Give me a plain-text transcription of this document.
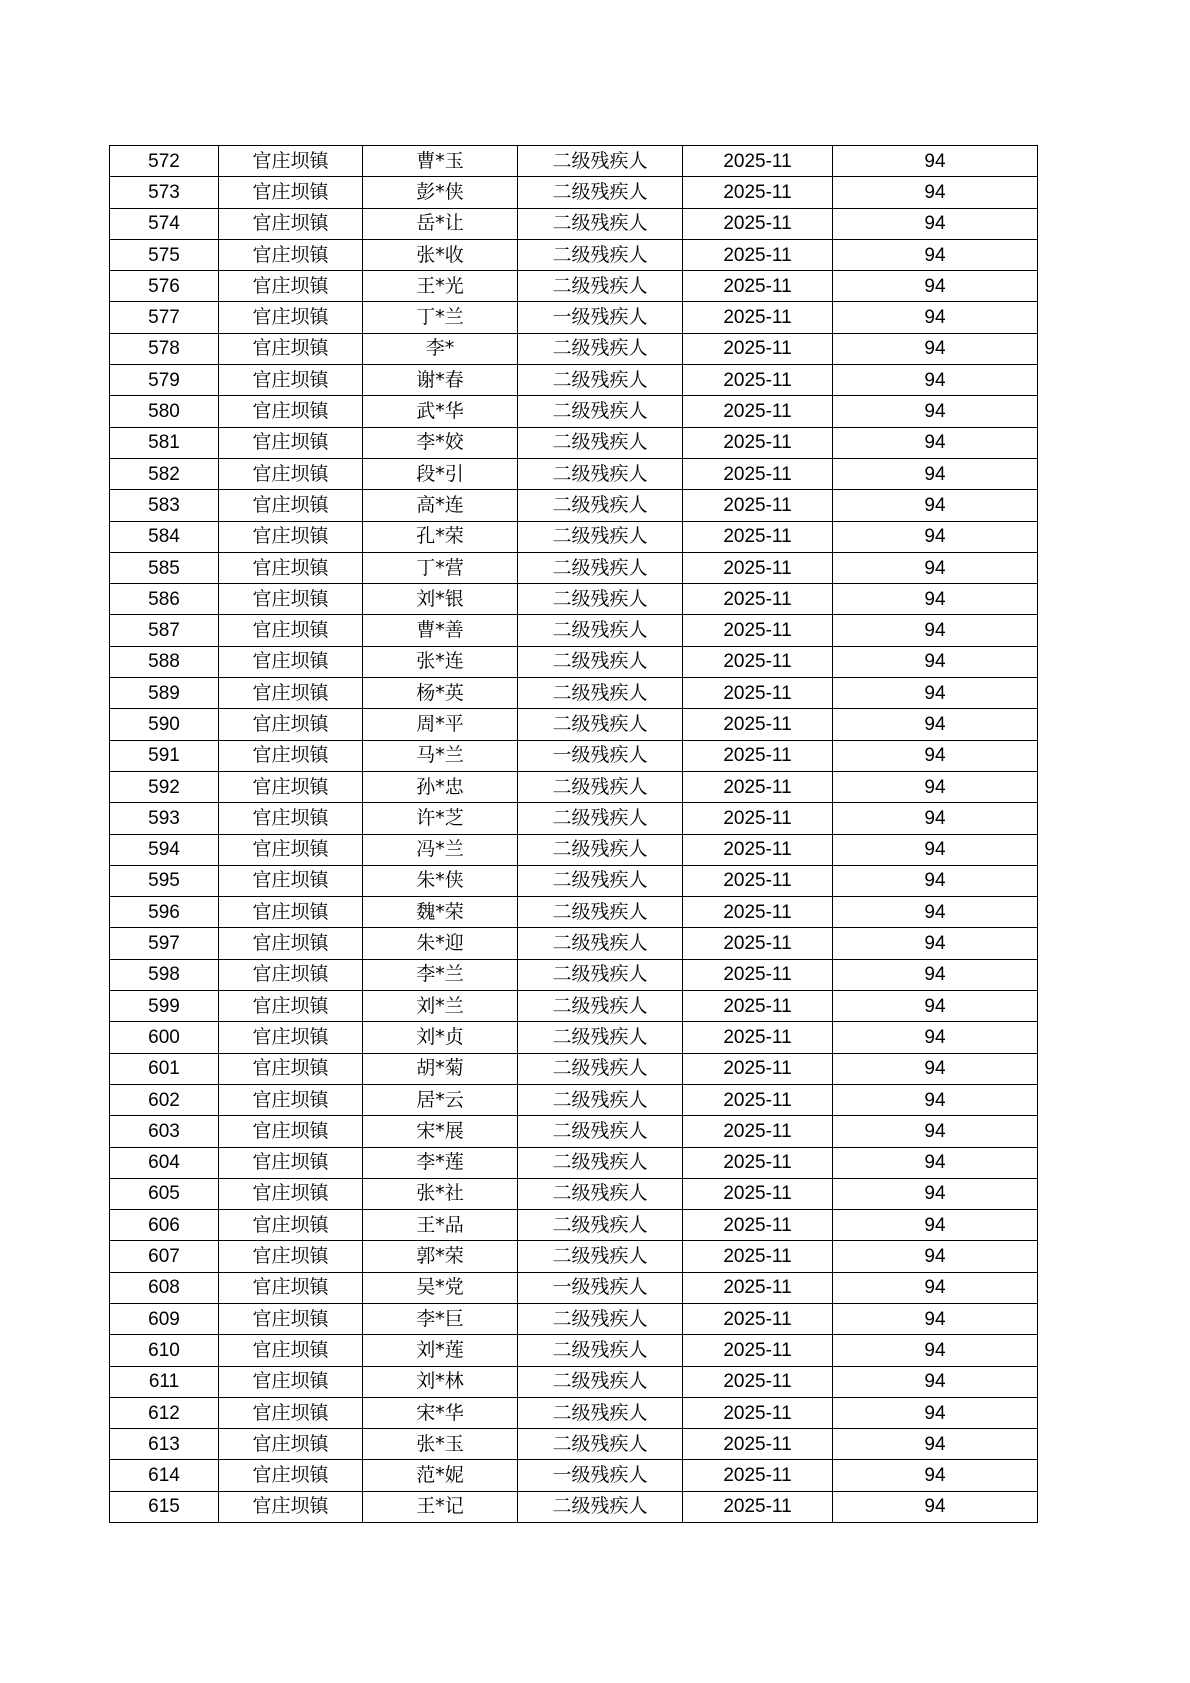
572	官庄坝镇	曹*玉	二级残疾人	2025-11	94
573	官庄坝镇	彭*侠	二级残疾人	2025-11	94
574	官庄坝镇	岳*让	二级残疾人	2025-11	94
575	官庄坝镇	张*收	二级残疾人	2025-11	94
576	官庄坝镇	王*光	二级残疾人	2025-11	94
577	官庄坝镇	丁*兰	一级残疾人	2025-11	94
578	官庄坝镇	李*	二级残疾人	2025-11	94
579	官庄坝镇	谢*春	二级残疾人	2025-11	94
580	官庄坝镇	武*华	二级残疾人	2025-11	94
581	官庄坝镇	李*姣	二级残疾人	2025-11	94
582	官庄坝镇	段*引	二级残疾人	2025-11	94
583	官庄坝镇	高*连	二级残疾人	2025-11	94
584	官庄坝镇	孔*荣	二级残疾人	2025-11	94
585	官庄坝镇	丁*营	二级残疾人	2025-11	94
586	官庄坝镇	刘*银	二级残疾人	2025-11	94
587	官庄坝镇	曹*善	二级残疾人	2025-11	94
588	官庄坝镇	张*连	二级残疾人	2025-11	94
589	官庄坝镇	杨*英	二级残疾人	2025-11	94
590	官庄坝镇	周*平	二级残疾人	2025-11	94
591	官庄坝镇	马*兰	一级残疾人	2025-11	94
592	官庄坝镇	孙*忠	二级残疾人	2025-11	94
593	官庄坝镇	许*芝	二级残疾人	2025-11	94
594	官庄坝镇	冯*兰	二级残疾人	2025-11	94
595	官庄坝镇	朱*侠	二级残疾人	2025-11	94
596	官庄坝镇	魏*荣	二级残疾人	2025-11	94
597	官庄坝镇	朱*迎	二级残疾人	2025-11	94
598	官庄坝镇	李*兰	二级残疾人	2025-11	94
599	官庄坝镇	刘*兰	二级残疾人	2025-11	94
600	官庄坝镇	刘*贞	二级残疾人	2025-11	94
601	官庄坝镇	胡*菊	二级残疾人	2025-11	94
602	官庄坝镇	居*云	二级残疾人	2025-11	94
603	官庄坝镇	宋*展	二级残疾人	2025-11	94
604	官庄坝镇	李*莲	二级残疾人	2025-11	94
605	官庄坝镇	张*社	二级残疾人	2025-11	94
606	官庄坝镇	王*品	二级残疾人	2025-11	94
607	官庄坝镇	郭*荣	二级残疾人	2025-11	94
608	官庄坝镇	吴*党	一级残疾人	2025-11	94
609	官庄坝镇	李*巨	二级残疾人	2025-11	94
610	官庄坝镇	刘*莲	二级残疾人	2025-11	94
611	官庄坝镇	刘*林	二级残疾人	2025-11	94
612	官庄坝镇	宋*华	二级残疾人	2025-11	94
613	官庄坝镇	张*玉	二级残疾人	2025-11	94
614	官庄坝镇	范*妮	一级残疾人	2025-11	94
615	官庄坝镇	王*记	二级残疾人	2025-11	94
